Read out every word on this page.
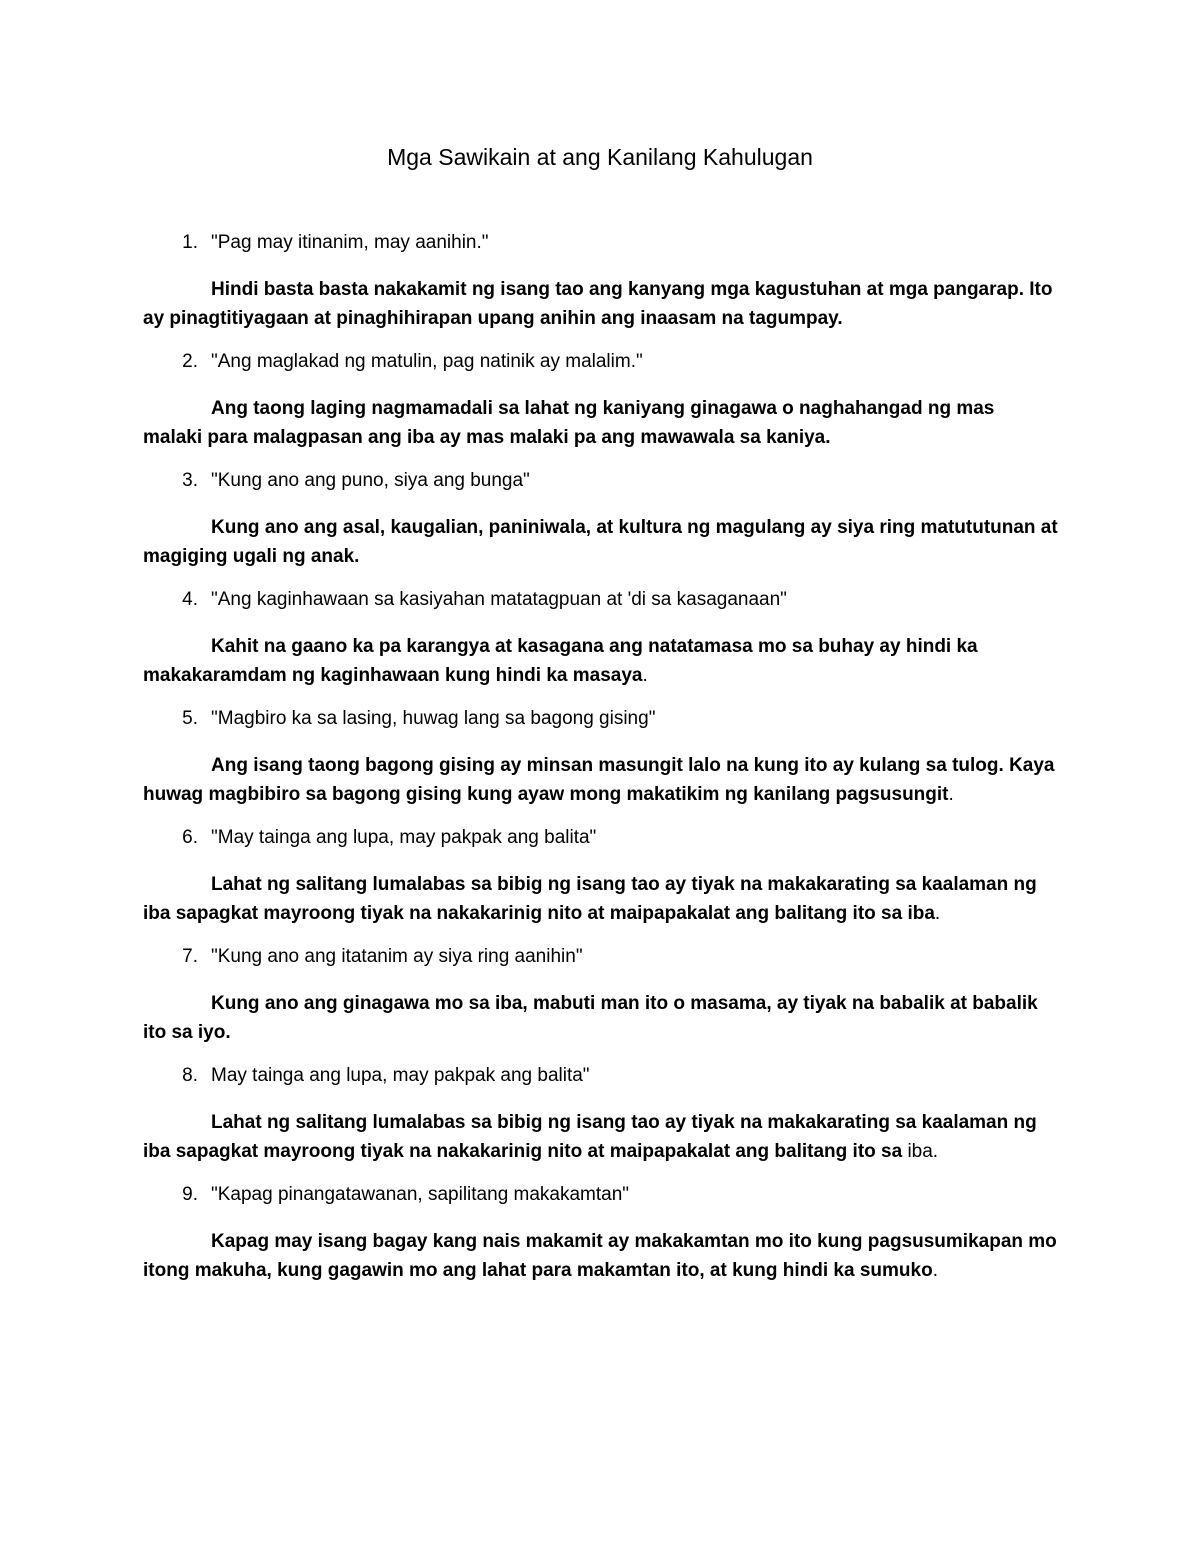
Mga Sawikain at ang Kanilang Kahulugan
1. "Pag may itinanim, may aanihin."

Hindi basta basta nakakamit ng isang tao ang kanyang mga kagustuhan at mga pangarap. Ito ay pinagtitiyagaan at pinaghihirapan upang anihin ang inaasam na tagumpay.

2. "Ang maglakad ng matulin, pag natinik ay malalim."

Ang taong laging nagmamadali sa lahat ng kaniyang ginagawa o naghahangad ng mas malaki para malagpasan ang iba ay mas malaki pa ang mawawala sa kaniya.

3. "Kung ano ang puno, siya ang bunga"

Kung ano ang asal, kaugalian, paniniwala, at kultura ng magulang ay siya ring matututunan at magiging ugali ng anak.

4. "Ang kaginhawaan sa kasiyahan matatagpuan at 'di sa kasaganaan"

Kahit na gaano ka pa karangya at kasagana ang natatamasa mo sa buhay ay hindi ka makakaramdam ng kaginhawaan kung hindi ka masaya.

5. "Magbiro ka sa lasing, huwag lang sa bagong gising"

Ang isang taong bagong gising ay minsan masungit lalo na kung ito ay kulang sa tulog. Kaya huwag magbibiro sa bagong gising kung ayaw mong makatikim ng kanilang pagsusungit.

6. "May tainga ang lupa, may pakpak ang balita"

Lahat ng salitang lumalabas sa bibig ng isang tao ay tiyak na makakarating sa kaalaman ng iba sapagkat mayroong tiyak na nakakarinig nito at maipapakalat ang balitang ito sa iba.

7. "Kung ano ang itatanim ay siya ring aanihin"

Kung ano ang ginagawa mo sa iba, mabuti man ito o masama, ay tiyak na babalik at babalik ito sa iyo.

8. May tainga ang lupa, may pakpak ang balita"

Lahat ng salitang lumalabas sa bibig ng isang tao ay tiyak na makakarating sa kaalaman ng iba sapagkat mayroong tiyak na nakakarinig nito at maipapakalat ang balitang ito sa iba.

9. "Kapag pinangatawanan, sapilitang makakamtan"

Kapag may isang bagay kang nais makamit ay makakamtan mo ito kung pagsusumikapan mo itong makuha, kung gagawin mo ang lahat para makamtan ito, at kung hindi ka sumuko.
